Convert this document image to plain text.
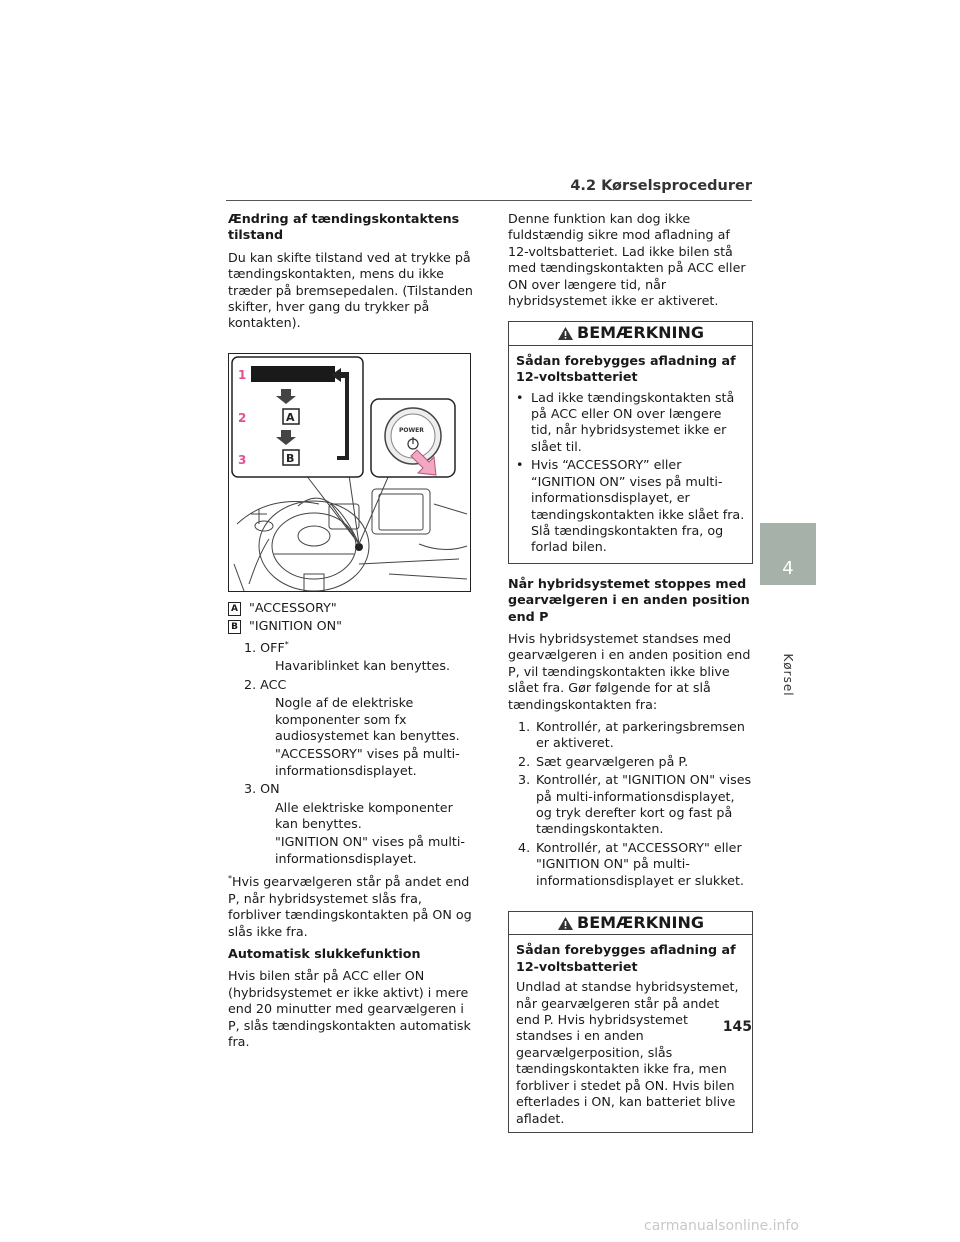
4.2 Kørselsprocedurer
Ændring af tændingskontaktens tilstand

Du kan skifte tilstand ved at trykke på tændingskontakten, mens du ikke træder på bremsepedalen. (Tilstanden skifter, hver gang du trykker på kontakten).

1
A
2
B
3
POWER
A "ACCESSORY"
B "IGNITION ON"
1. OFF*
Havariblinket kan benyttes.
2. ACC
Nogle af de elektriske komponenter som fx audiosystemet kan benyttes.
"ACCESSORY" vises på multi-informationsdisplayet.
3. ON
Alle elektriske komponenter kan benyttes.
"IGNITION ON" vises på multi-informationsdisplayet.

*Hvis gearvælgeren står på andet end P, når hybridsystemet slås fra, forbliver tændingskontakten på ON og slås ikke fra.

Automatisk slukkefunktion

Hvis bilen står på ACC eller ON (hybridsystemet er ikke aktivt) i mere end 20 minutter med gearvælgeren i P, slås tændingskontakten automatisk fra.

Denne funktion kan dog ikke fuldstændig sikre mod afladning af 12-voltsbatteriet. Lad ikke bilen stå med tændingskontakten på ACC eller ON over længere tid, når hybridsystemet ikke er aktiveret.

BEMÆRKNING
Sådan forebygges afladning af 12-voltsbatteriet
• Lad ikke tændingskontakten stå på ACC eller ON over længere tid, når hybridsystemet ikke er slået til.
• Hvis “ACCESSORY” eller “IGNITION ON” vises på multi-informationsdisplayet, er tændingskontakten ikke slået fra. Slå tændingskontakten fra, og forlad bilen.
Når hybridsystemet stoppes med gearvælgeren i en anden position end P

Hvis hybridsystemet standses med gearvælgeren i en anden position end P, vil tændingskontakten ikke blive slået fra. Gør følgende for at slå tændingskontakten fra:

1. Kontrollér, at parkeringsbremsen er aktiveret.
2. Sæt gearvælgeren på P.
3. Kontrollér, at "IGNITION ON" vises på multi-informationsdisplayet, og tryk derefter kort og fast på tændingskontakten.
4. Kontrollér, at "ACCESSORY" eller "IGNITION ON" på multi-informationsdisplayet er slukket.
BEMÆRKNING
Sådan forebygges afladning af 12-voltsbatteriet
Undlad at standse hybridsystemet, når gearvælgeren står på andet end P. Hvis hybridsystemet standses i en anden gearvælgerposition, slås tændingskontakten ikke fra, men forbliver i stedet på ON. Hvis bilen efterlades i ON, kan batteriet blive afladet.
4
Kørsel
145
carmanualsonline.info
